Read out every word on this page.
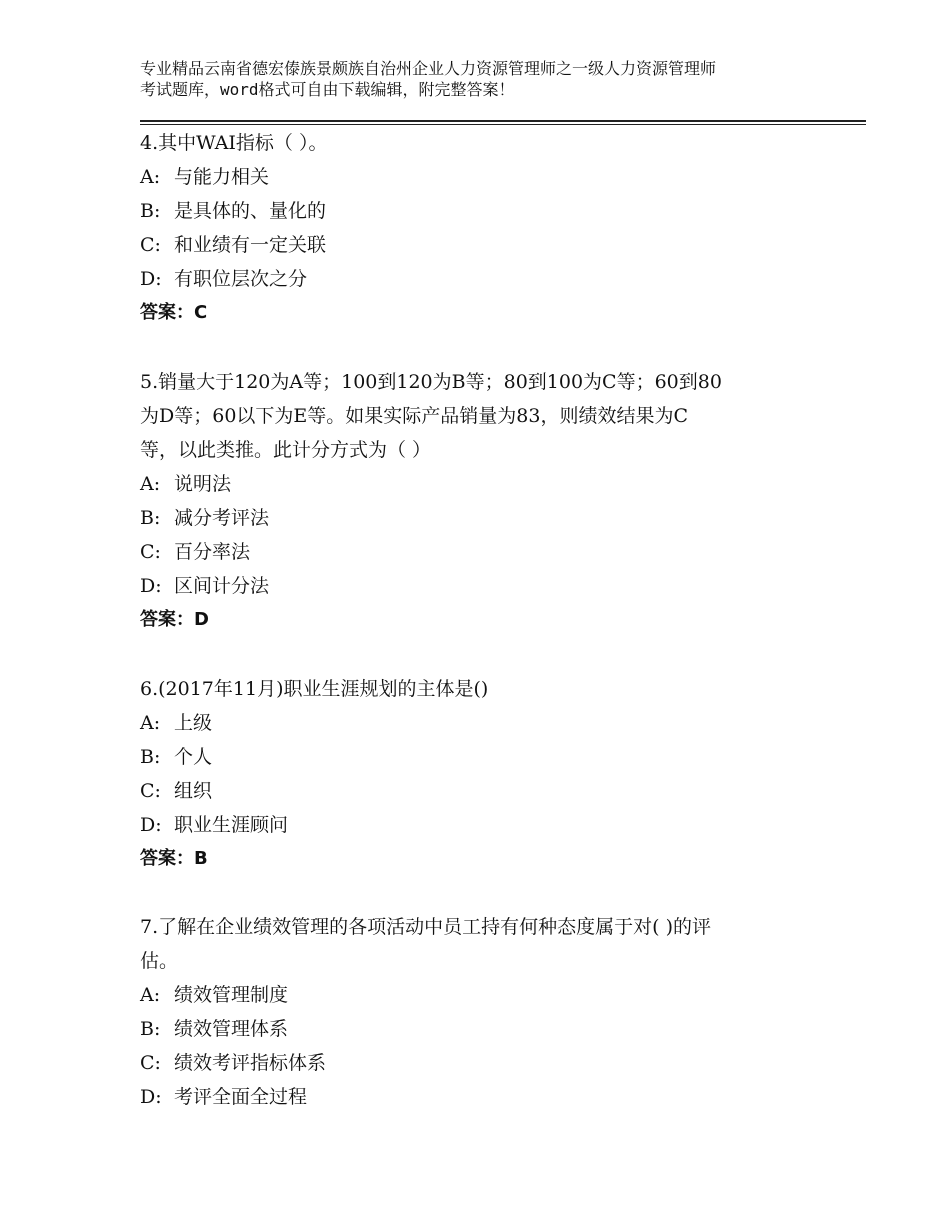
专业精品云南省德宏傣族景颇族自治州企业人力资源管理师之一级人力资源管理师
考试题库，word格式可自由下载编辑，附完整答案！
4.其中WAI指标（ ）。
A: 与能力相关
B: 是具体的、量化的
C: 和业绩有一定关联
D: 有职位层次之分
答案：C
5.销量大于120为A等；100到120为B等；80到100为C等；60到80
为D等；60以下为E等。如果实际产品销量为83，则绩效结果为C
等，以此类推。此计分方式为（ ）
A: 说明法
B: 减分考评法
C: 百分率法
D: 区间计分法
答案：D
6.(2017年11月)职业生涯规划的主体是()
A: 上级
B: 个人
C: 组织
D: 职业生涯顾问
答案：B
7.了解在企业绩效管理的各项活动中员工持有何种态度属于对( )的评
估。
A: 绩效管理制度
B: 绩效管理体系
C: 绩效考评指标体系
D: 考评全面全过程
